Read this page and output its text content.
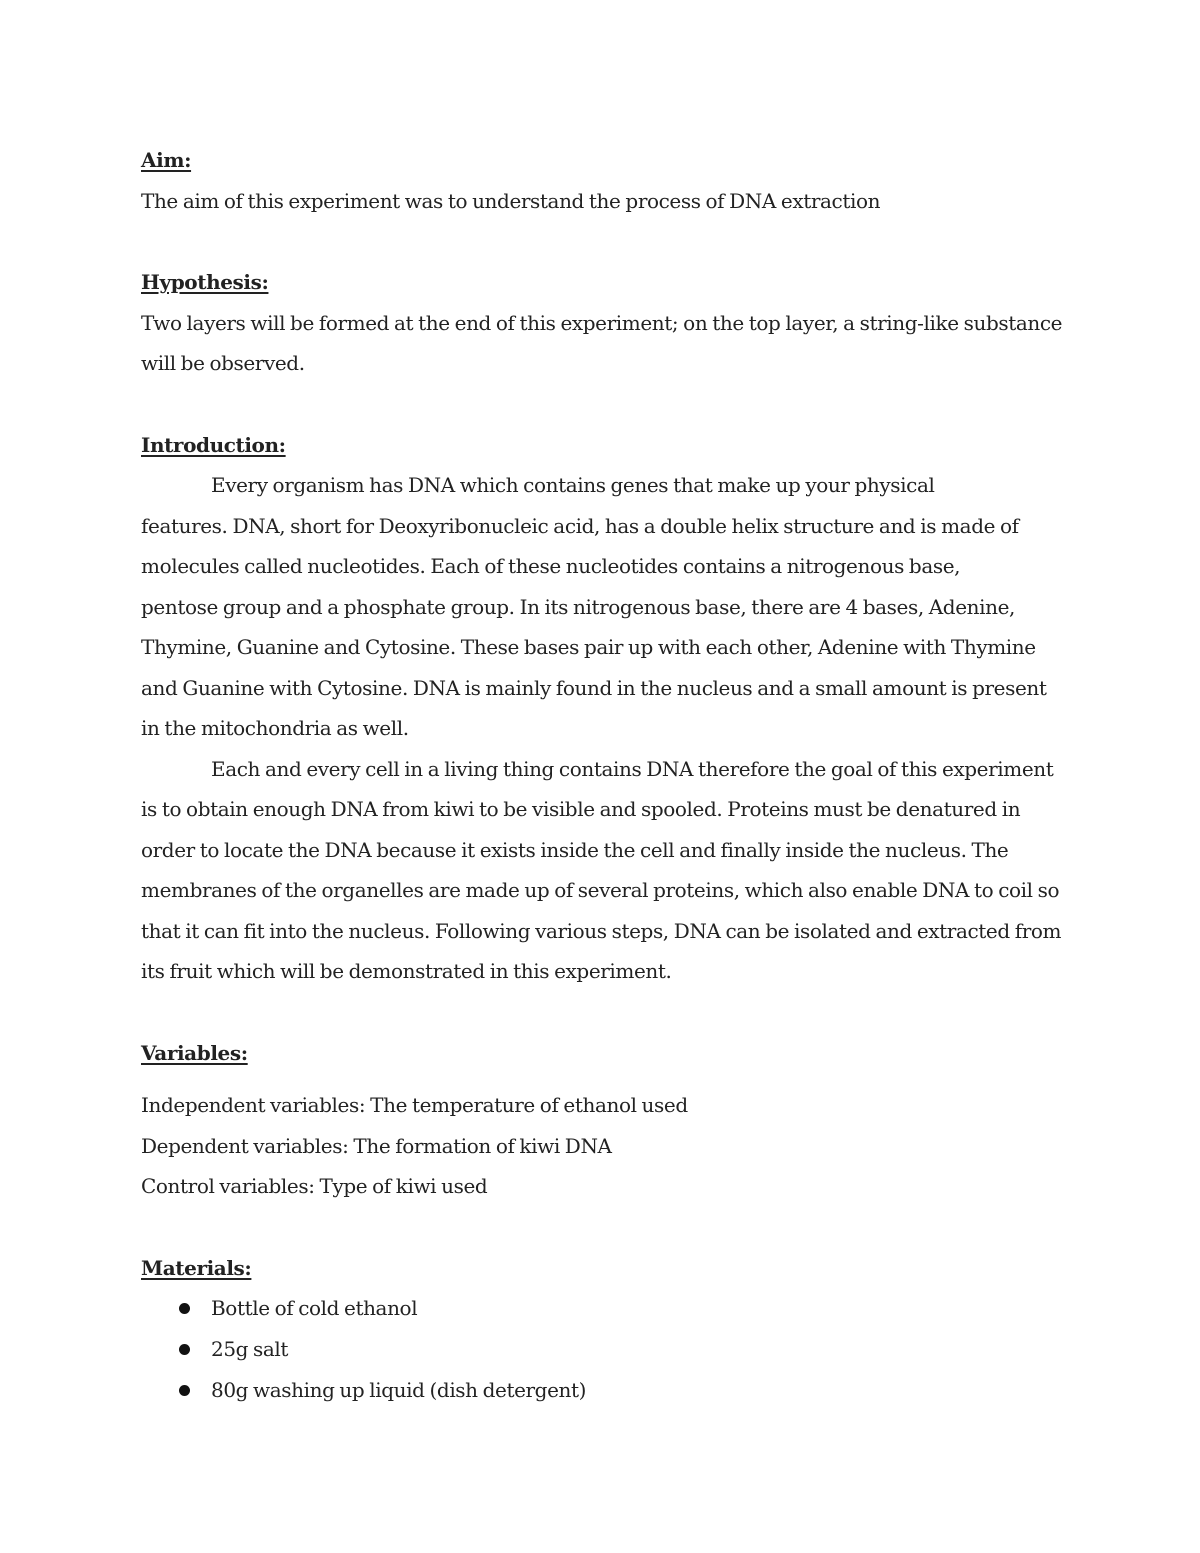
Aim:

The aim of this experiment was to understand the process of DNA extraction

Hypothesis:

Two layers will be formed at the end of this experiment; on the top layer, a string-like substance

will be observed.

Introduction:

Every organism has DNA which contains genes that make up your physical

features. DNA, short for Deoxyribonucleic acid, has a double helix structure and is made of

molecules called nucleotides. Each of these nucleotides contains a nitrogenous base,

pentose group and a phosphate group. In its nitrogenous base, there are 4 bases, Adenine,

Thymine, Guanine and Cytosine. These bases pair up with each other, Adenine with Thymine

and Guanine with Cytosine. DNA is mainly found in the nucleus and a small amount is present

in the mitochondria as well.

Each and every cell in a living thing contains DNA therefore the goal of this experiment

is to obtain enough DNA from kiwi to be visible and spooled. Proteins must be denatured in

order to locate the DNA because it exists inside the cell and finally inside the nucleus. The

membranes of the organelles are made up of several proteins, which also enable DNA to coil so

that it can fit into the nucleus. Following various steps, DNA can be isolated and extracted from

its fruit which will be demonstrated in this experiment.

Variables:

Independent variables: The temperature of ethanol used

Dependent variables: The formation of kiwi DNA

Control variables: Type of kiwi used

Materials:

Bottle of cold ethanol
25g salt
80g washing up liquid (dish detergent)
